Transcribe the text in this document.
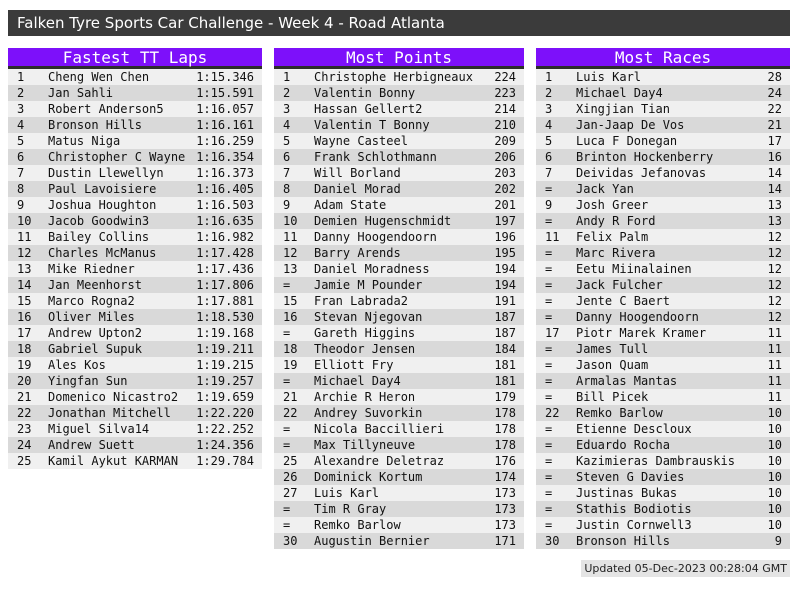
Falken Tyre Sports Car Challenge - Week 4 - Road Atlanta
Fastest TT Laps
1	Cheng Wen Chen	1:15.346
2	Jan Sahli	1:15.591
3	Robert Anderson5	1:16.057
4	Bronson Hills	1:16.161
5	Matus Niga	1:16.259
6	Christopher C Wayne 1:16.354
7	Dustin Llewellyn	1:16.373
8	Paul Lavoisiere	1:16.405
9	Joshua Houghton	1:16.503
10	Jacob Goodwin3	1:16.635
11	Bailey Collins	1:16.982
12	Charles McManus	1:17.428
13	Mike Riedner	1:17.436
14	Jan Meenhorst	1:17.806
15	Marco Rogna2	1:17.881
16	Oliver Miles	1:18.530
17	Andrew Upton2	1:19.168
18	Gabriel Supuk	1:19.211
19	Ales Kos	1:19.215
20	Yingfan Sun	1:19.257
21	Domenico Nicastro2	1:19.659
22	Jonathan Mitchell	1:22.220
23	Miguel Silva14	1:22.252
24	Andrew Suett	1:24.356
25	Kamil Aykut KARMAN	1:29.784
Most Points
1	Christophe Herbigneaux	224
2	Valentin Bonny	223
3	Hassan Gellert2	214
4	Valentin T Bonny	210
5	Wayne Casteel	209
6	Frank Schlothmann	206
7	Will Borland	203
8	Daniel Morad	202
9	Adam State	201
10	Demien Hugenschmidt	197
11	Danny Hoogendoorn	196
12	Barry Arends	195
13	Daniel Moradness	194
=	Jamie M Pounder	194
15	Fran Labrada2	191
16	Stevan Njegovan	187
=	Gareth Higgins	187
18	Theodor Jensen	184
19	Elliott Fry	181
=	Michael Day4	181
21	Archie R Heron	179
22	Andrey Suvorkin	178
=	Nicola Baccillieri	178
=	Max Tillyneuve	178
25	Alexandre Deletraz	176
26	Dominick Kortum	174
27	Luis Karl	173
=	Tim R Gray	173
=	Remko Barlow	173
30	Augustin Bernier	171
Most Races
1	Luis Karl	28
2	Michael Day4	24
3	Xingjian Tian	22
4	Jan-Jaap De Vos	21
5	Luca F Donegan	17
6	Brinton Hockenberry	16
7	Deividas Jefanovas	14
=	Jack Yan	14
9	Josh Greer	13
=	Andy R Ford	13
11	Felix Palm	12
=	Marc Rivera	12
=	Eetu Miinalainen	12
=	Jack Fulcher	12
=	Jente C Baert	12
=	Danny Hoogendoorn	12
17	Piotr Marek Kramer	11
=	James Tull	11
=	Jason Quam	11
=	Armalas Mantas	11
=	Bill Picek	11
22	Remko Barlow	10
=	Etienne Descloux	10
=	Eduardo Rocha	10
=	Kazimieras Dambrauskis	10
=	Steven G Davies	10
=	Justinas Bukas	10
=	Stathis Bodiotis	10
=	Justin Cornwell3	10
30	Bronson Hills	9
Updated 05-Dec-2023 00:28:04 GMT
